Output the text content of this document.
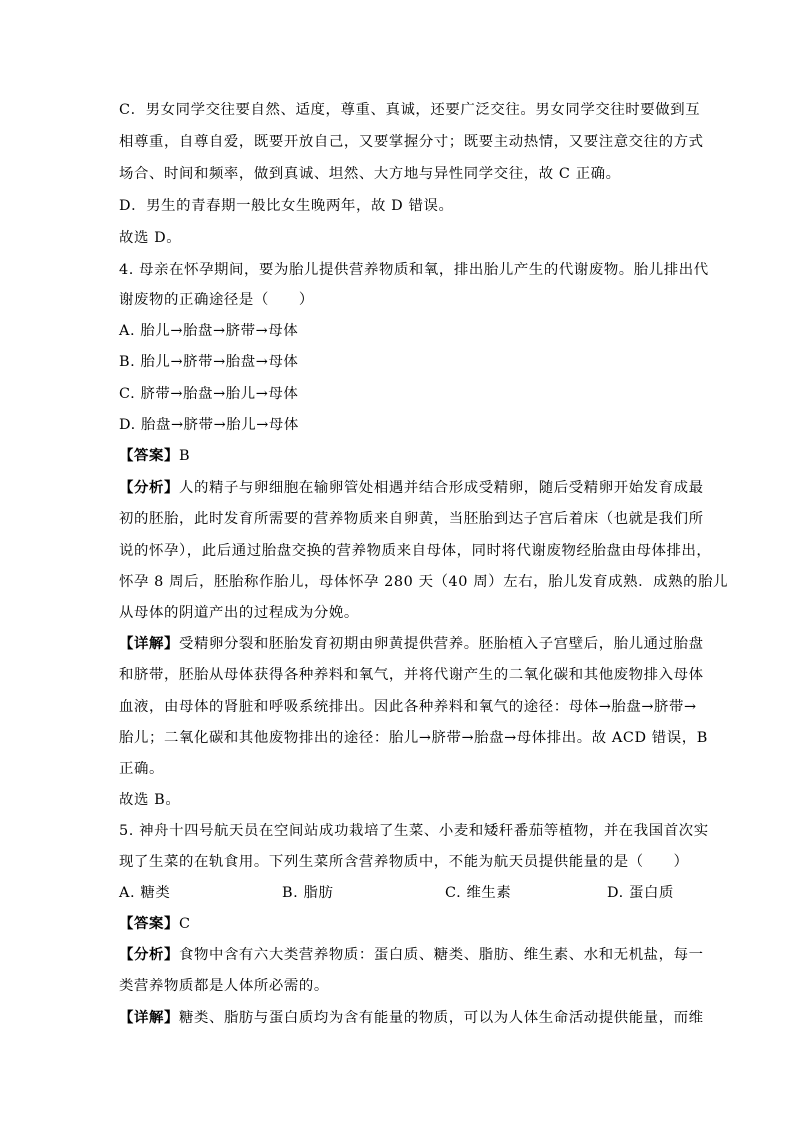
C．男女同学交往要自然、适度，尊重、真诚，还要广泛交往。男女同学交往时要做到互
相尊重，自尊自爱，既要开放自己，又要掌握分寸；既要主动热情，又要注意交往的方式
场合、时间和频率，做到真诚、坦然、大方地与异性同学交往，故 C 正确。
D．男生的青春期一般比女生晚两年，故 D 错误。
故选 D。
4. 母亲在怀孕期间，要为胎儿提供营养物质和氧，排出胎儿产生的代谢废物。胎儿排出代
谢废物的正确途径是（　　）
A. 胎儿→胎盘→脐带→母体
B. 胎儿→脐带→胎盘→母体
C. 脐带→胎盘→胎儿→母体
D. 胎盘→脐带→胎儿→母体
【答案】B
【分析】人的精子与卵细胞在输卵管处相遇并结合形成受精卵，随后受精卵开始发育成最
初的胚胎，此时发育所需要的营养物质来自卵黄，当胚胎到达子宫后着床（也就是我们所
说的怀孕），此后通过胎盘交换的营养物质来自母体，同时将代谢废物经胎盘由母体排出，
怀孕 8 周后，胚胎称作胎儿，母体怀孕 280 天（40 周）左右，胎儿发育成熟．成熟的胎儿
从母体的阴道产出的过程成为分娩。
【详解】受精卵分裂和胚胎发育初期由卵黄提供营养。胚胎植入子宫壁后，胎儿通过胎盘
和脐带，胚胎从母体获得各种养料和氧气，并将代谢产生的二氧化碳和其他废物排入母体
血液，由母体的肾脏和呼吸系统排出。因此各种养料和氧气的途径：母体→胎盘→脐带→
胎儿；二氧化碳和其他废物排出的途径：胎儿→脐带→胎盘→母体排出。故 ACD 错误，B
正确。
故选 B。
5. 神舟十四号航天员在空间站成功栽培了生菜、小麦和矮秆番茄等植物，并在我国首次实
现了生菜的在轨食用。下列生菜所含营养物质中，不能为航天员提供能量的是（　　）
A. 糖类	B. 脂肪	C. 维生素	D. 蛋白质
【答案】C
【分析】食物中含有六大类营养物质：蛋白质、糖类、脂肪、维生素、水和无机盐，每一
类营养物质都是人体所必需的。
【详解】糖类、脂肪与蛋白质均为含有能量的物质，可以为人体生命活动提供能量，而维
